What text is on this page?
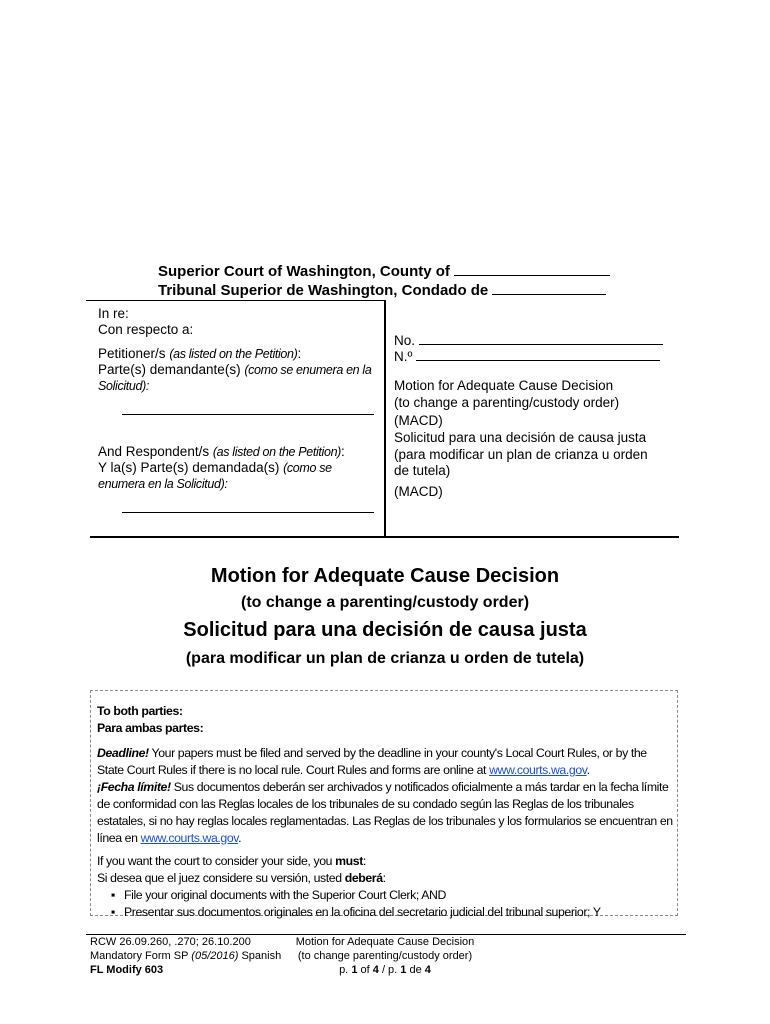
Superior Court of Washington, County of
Tribunal Superior de Washington, Condado de
In re:
Con respecto a:
Petitioner/s (as listed on the Petition):
Parte(s) demandante(s) (como se enumera en la
Solicitud):
And Respondent/s (as listed on the Petition):
Y la(s) Parte(s) demandada(s) (como se
enumera en la Solicitud):
No.
N.º
Motion for Adequate Cause Decision
(to change a parenting/custody order)
(MACD)
Solicitud para una decisión de causa justa
(para modificar un plan de crianza u orden
de tutela)
(MACD)
Motion for Adequate Cause Decision
(to change a parenting/custody order)
Solicitud para una decisión de causa justa
(para modificar un plan de crianza u orden de tutela)
To both parties:
Para ambas partes:
Deadline! Your papers must be filed and served by the deadline in your county's Local Court Rules, or by the
State Court Rules if there is no local rule. Court Rules and forms are online at www.courts.wa.gov.
¡Fecha límite! Sus documentos deberán ser archivados y notificados oficialmente a más tardar en la fecha límite
de conformidad con las Reglas locales de los tribunales de su condado según las Reglas de los tribunales
estatales, si no hay reglas locales reglamentadas. Las Reglas de los tribunales y los formularios se encuentran en
línea en www.courts.wa.gov.
If you want the court to consider your side, you must:
Si desea que el juez considere su versión, usted deberá:
▪ File your original documents with the Superior Court Clerk; AND
▪ Presentar sus documentos originales en la oficina del secretario judicial del tribunal superior; Y
RCW 26.09.260, .270; 26.10.200
Mandatory Form SP (05/2016) Spanish
FL Modify 603
Motion for Adequate Cause Decision
(to change parenting/custody order)
p. 1 of 4 / p. 1 de 4
